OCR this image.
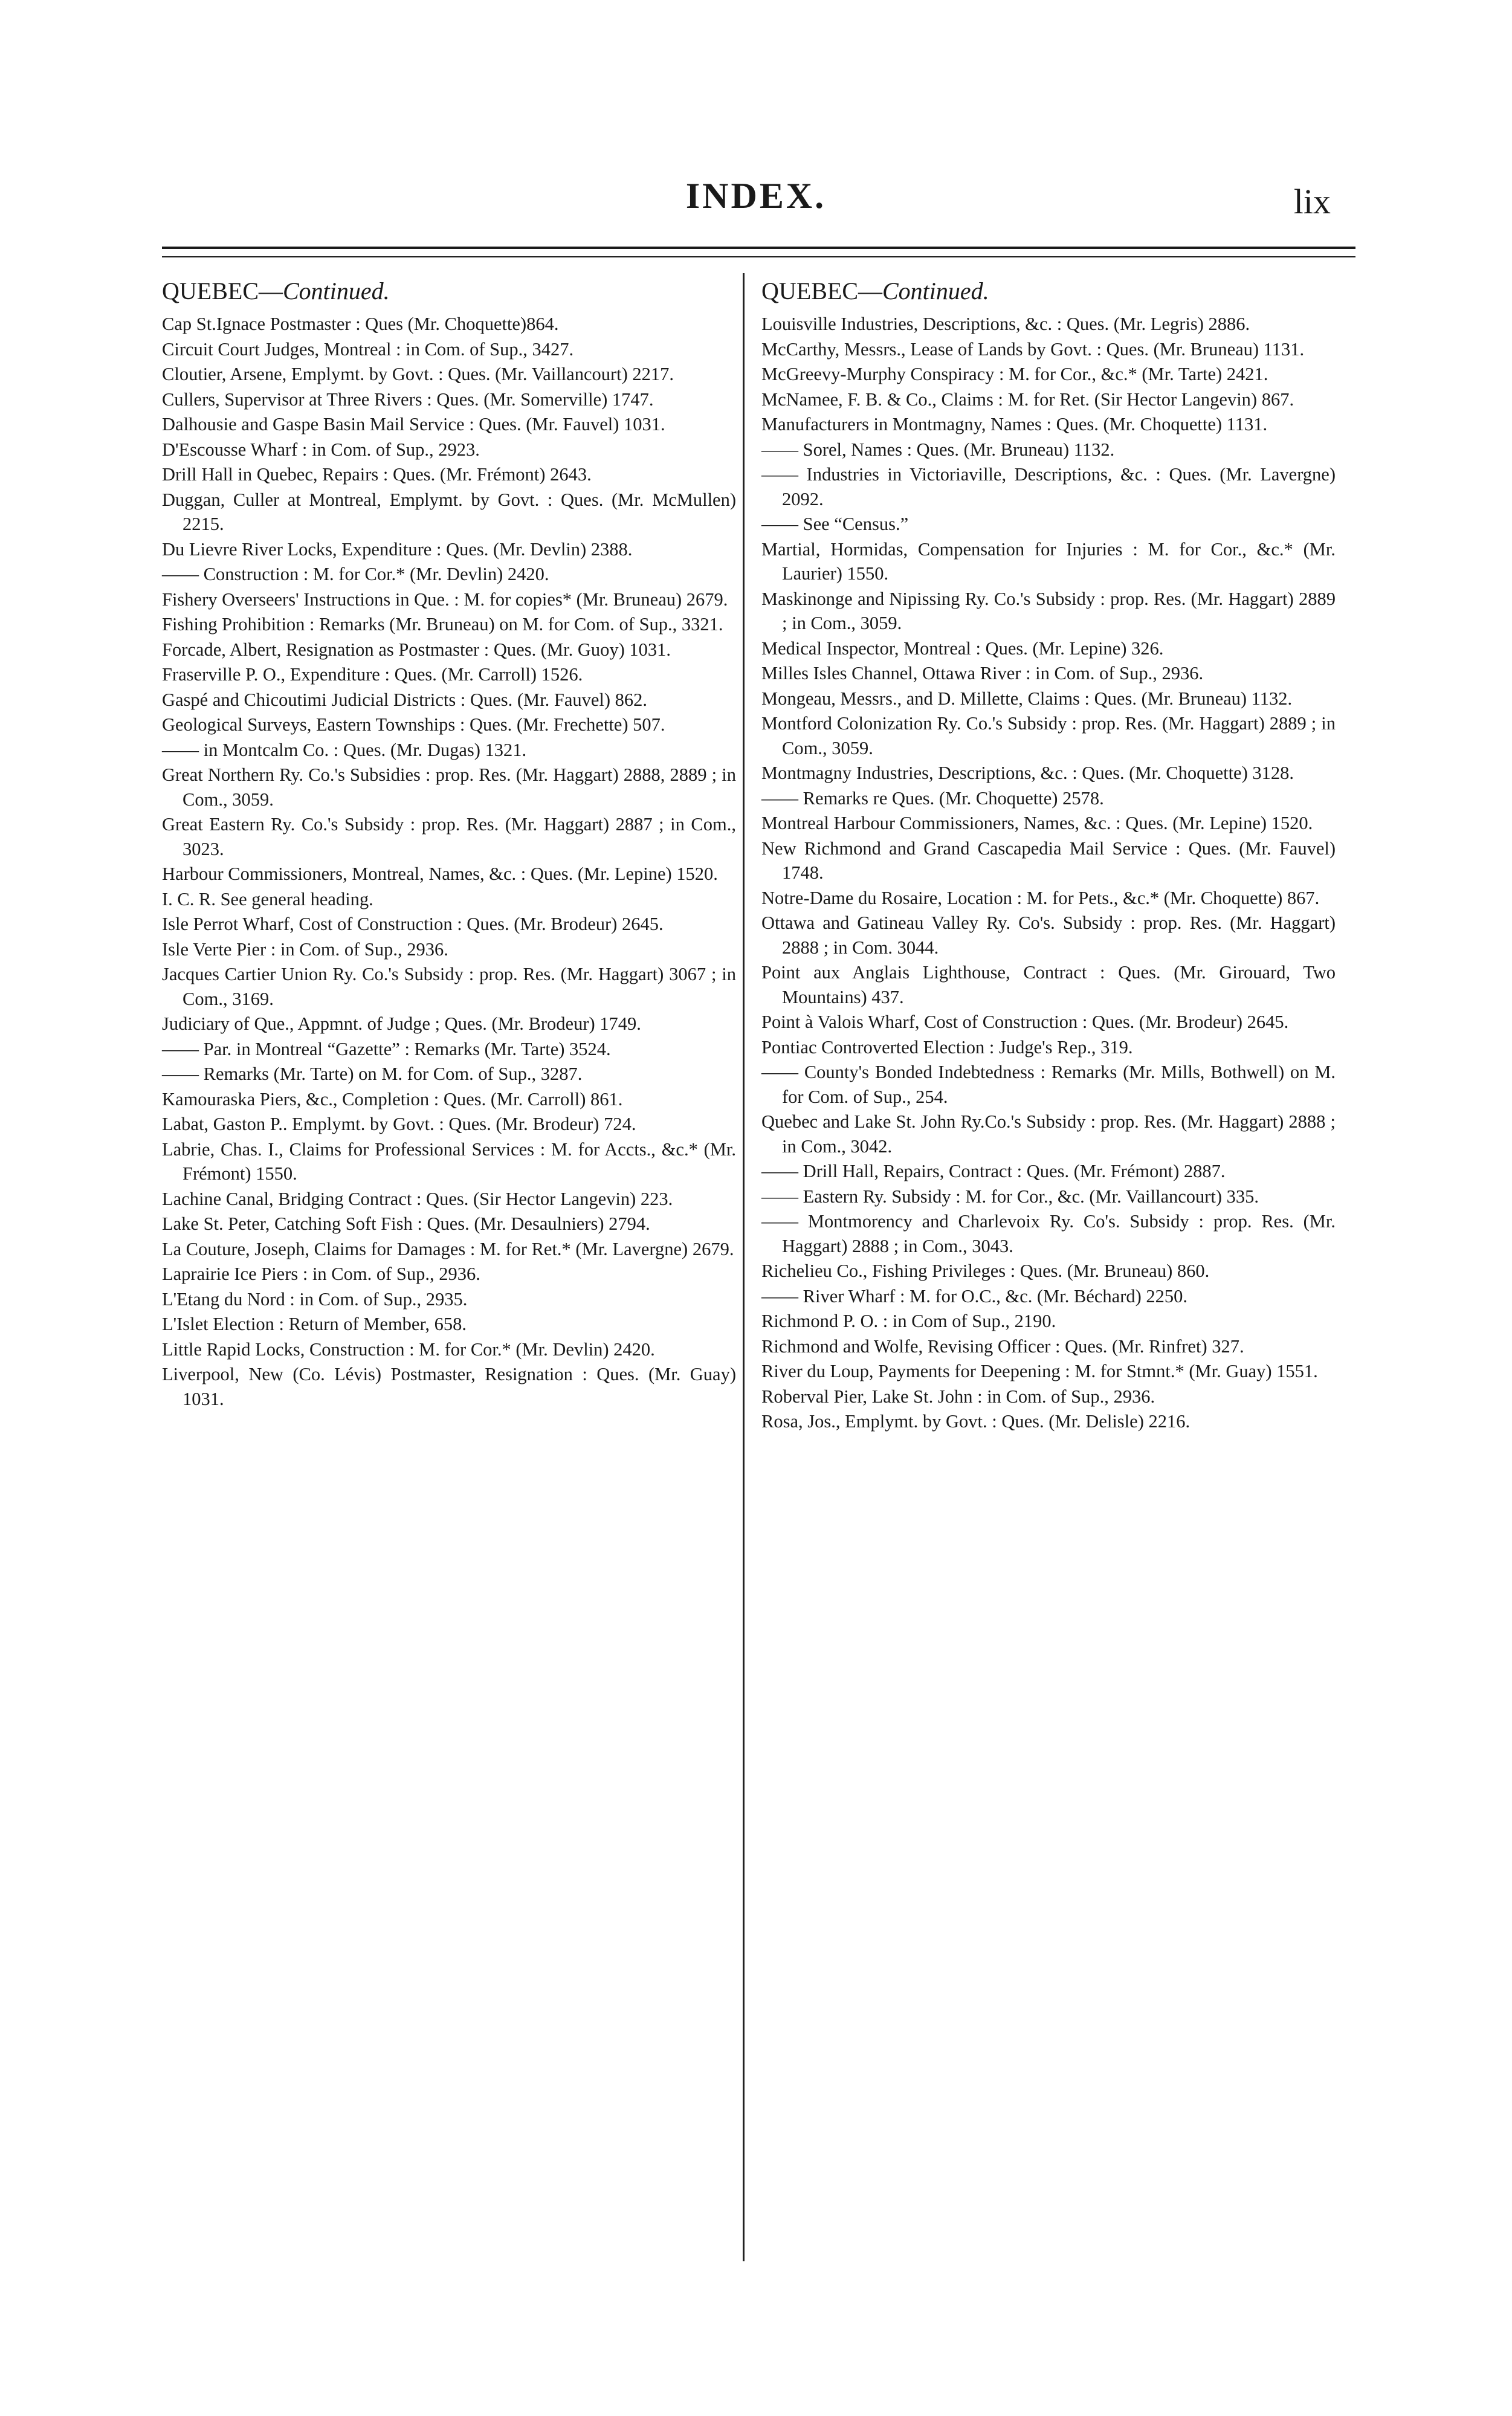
INDEX.	lix
QUEBEC—Continued.
Cap St.Ignace Postmaster : Ques (Mr. Choquette)864.
Circuit Court Judges, Montreal : in Com. of Sup., 3427.
Cloutier, Arsene, Emplymt. by Govt. : Ques. (Mr. Vaillancourt) 2217.
Cullers, Supervisor at Three Rivers : Ques. (Mr. Somerville) 1747.
Dalhousie and Gaspe Basin Mail Service : Ques. (Mr. Fauvel) 1031.
D'Escousse Wharf : in Com. of Sup., 2923.
Drill Hall in Quebec, Repairs : Ques. (Mr. Frémont) 2643.
Duggan, Culler at Montreal, Emplymt. by Govt. : Ques. (Mr. McMullen) 2215.
Du Lievre River Locks, Expenditure : Ques. (Mr. Devlin) 2388.
—— Construction : M. for Cor.* (Mr. Devlin) 2420.
Fishery Overseers' Instructions in Que. : M. for copies* (Mr. Bruneau) 2679.
Fishing Prohibition : Remarks (Mr. Bruneau) on M. for Com. of Sup., 3321.
Forcade, Albert, Resignation as Postmaster : Ques. (Mr. Guoy) 1031.
Fraserville P. O., Expenditure : Ques. (Mr. Carroll) 1526.
Gaspé and Chicoutimi Judicial Districts : Ques. (Mr. Fauvel) 862.
Geological Surveys, Eastern Townships : Ques. (Mr. Frechette) 507.
—— in Montcalm Co. : Ques. (Mr. Dugas) 1321.
Great Northern Ry. Co.'s Subsidies : prop. Res. (Mr. Haggart) 2888, 2889 ; in Com., 3059.
Great Eastern Ry. Co.'s Subsidy : prop. Res. (Mr. Haggart) 2887 ; in Com., 3023.
Harbour Commissioners, Montreal, Names, &c. : Ques. (Mr. Lepine) 1520.
I. C. R. See general heading.
Isle Perrot Wharf, Cost of Construction : Ques. (Mr. Brodeur) 2645.
Isle Verte Pier : in Com. of Sup., 2936.
Jacques Cartier Union Ry. Co.'s Subsidy : prop. Res. (Mr. Haggart) 3067 ; in Com., 3169.
Judiciary of Que., Appmnt. of Judge ; Ques. (Mr. Brodeur) 1749.
—— Par. in Montreal “Gazette” : Remarks (Mr. Tarte) 3524.
—— Remarks (Mr. Tarte) on M. for Com. of Sup., 3287.
Kamouraska Piers, &c., Completion : Ques. (Mr. Carroll) 861.
Labat, Gaston P.. Emplymt. by Govt. : Ques. (Mr. Brodeur) 724.
Labrie, Chas. I., Claims for Professional Services : M. for Accts., &c.* (Mr. Frémont) 1550.
Lachine Canal, Bridging Contract : Ques. (Sir Hector Langevin) 223.
Lake St. Peter, Catching Soft Fish : Ques. (Mr. Desaulniers) 2794.
La Couture, Joseph, Claims for Damages : M. for Ret.* (Mr. Lavergne) 2679.
Laprairie Ice Piers : in Com. of Sup., 2936.
L'Etang du Nord : in Com. of Sup., 2935.
L'Islet Election : Return of Member, 658.
Little Rapid Locks, Construction : M. for Cor.* (Mr. Devlin) 2420.
Liverpool, New (Co. Lévis) Postmaster, Resignation : Ques. (Mr. Guay) 1031.
QUEBEC—Continued.
Louisville Industries, Descriptions, &c. : Ques. (Mr. Legris) 2886.
McCarthy, Messrs., Lease of Lands by Govt. : Ques. (Mr. Bruneau) 1131.
McGreevy-Murphy Conspiracy : M. for Cor., &c.* (Mr. Tarte) 2421.
McNamee, F. B. & Co., Claims : M. for Ret. (Sir Hector Langevin) 867.
Manufacturers in Montmagny, Names : Ques. (Mr. Choquette) 1131.
—— Sorel, Names : Ques. (Mr. Bruneau) 1132.
—— Industries in Victoriaville, Descriptions, &c. : Ques. (Mr. Lavergne) 2092.
—— See “Census.”
Martial, Hormidas, Compensation for Injuries : M. for Cor., &c.* (Mr. Laurier) 1550.
Maskinonge and Nipissing Ry. Co.'s Subsidy : prop. Res. (Mr. Haggart) 2889 ; in Com., 3059.
Medical Inspector, Montreal : Ques. (Mr. Lepine) 326.
Milles Isles Channel, Ottawa River : in Com. of Sup., 2936.
Mongeau, Messrs., and D. Millette, Claims : Ques. (Mr. Bruneau) 1132.
Montford Colonization Ry. Co.'s Subsidy : prop. Res. (Mr. Haggart) 2889 ; in Com., 3059.
Montmagny Industries, Descriptions, &c. : Ques. (Mr. Choquette) 3128.
—— Remarks re Ques. (Mr. Choquette) 2578.
Montreal Harbour Commissioners, Names, &c. : Ques. (Mr. Lepine) 1520.
New Richmond and Grand Cascapedia Mail Service : Ques. (Mr. Fauvel) 1748.
Notre-Dame du Rosaire, Location : M. for Pets., &c.* (Mr. Choquette) 867.
Ottawa and Gatineau Valley Ry. Co's. Subsidy : prop. Res. (Mr. Haggart) 2888 ; in Com. 3044.
Point aux Anglais Lighthouse, Contract : Ques. (Mr. Girouard, Two Mountains) 437.
Point à Valois Wharf, Cost of Construction : Ques. (Mr. Brodeur) 2645.
Pontiac Controverted Election : Judge's Rep., 319.
—— County's Bonded Indebtedness : Remarks (Mr. Mills, Bothwell) on M. for Com. of Sup., 254.
Quebec and Lake St. John Ry.Co.'s Subsidy : prop. Res. (Mr. Haggart) 2888 ; in Com., 3042.
—— Drill Hall, Repairs, Contract : Ques. (Mr. Frémont) 2887.
—— Eastern Ry. Subsidy : M. for Cor., &c. (Mr. Vaillancourt) 335.
—— Montmorency and Charlevoix Ry. Co's. Subsidy : prop. Res. (Mr. Haggart) 2888 ; in Com., 3043.
Richelieu Co., Fishing Privileges : Ques. (Mr. Bruneau) 860.
—— River Wharf : M. for O.C., &c. (Mr. Béchard) 2250.
Richmond P. O. : in Com of Sup., 2190.
Richmond and Wolfe, Revising Officer : Ques. (Mr. Rinfret) 327.
River du Loup, Payments for Deepening : M. for Stmnt.* (Mr. Guay) 1551.
Roberval Pier, Lake St. John : in Com. of Sup., 2936.
Rosa, Jos., Emplymt. by Govt. : Ques. (Mr. Delisle) 2216.
